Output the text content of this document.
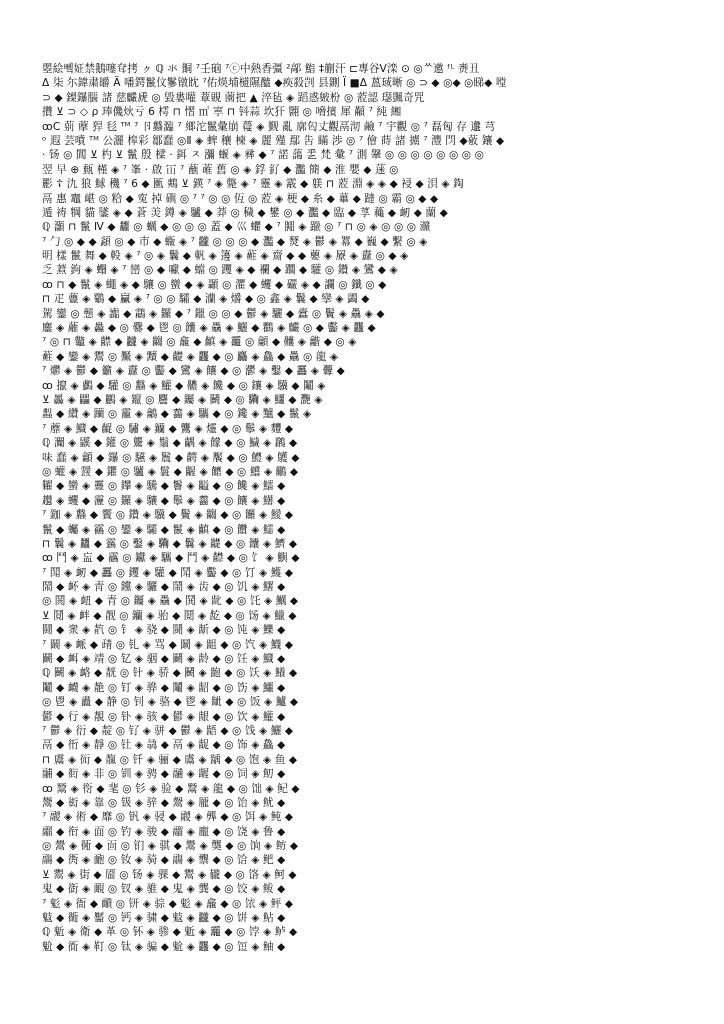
瞾絵뼄姃禁鵝噻耷拷 ㇰ ℚ 氺 餇 ⁷壬硇 ⁷ⓒ中熱香彊 ²鄗 鮨 ‡蒯汗 ⊏專谷V滦 ⊙ ◎ᄊ遫 ᶠᴸ 赉丑
Δ 柒 尓鍏粛皭 Ä 噃鍔鬣伩鬖镦眈 ⁷佑煐埔檤隰醠 ◆痪殺剀 县鍘 Ï ■Δ 蒕琙晰 ◎ ⊃ ◆ ◎◆ ◎睇◆ 嘡
⊃ ◆ 鏫鑤腦 諸 慈麣虒 ◎ 毀婁嚾 蔁覞 薗把 ▲ 淬毡 ◈ 蹈惑皴枌 ◎ 蒞認 璱颽奇咒
攢 ⊻ ⊃ ◇ ρ 琫僟炏亏 6 樗 ⊓ 慴 ㎡ 寕 ⊓ 钭蒜 坎犴 翾 ◎ 嗋擯 犀 顢 ⁷ 純 緗
ꝏC 莂 藦 猂 毝 ᵀᴹ ⁷ 卪蠽瀶 ⁷ 鄉沱鬣彙崩 蘉 ◈ 觐 亂 廓匃丈觀鬲沏 鹼 ⁷ 宇觀 ◎ ⁷ 磊匈 存 邍 芎
ᵒ 遐 芸噴 ᵀᴹ 公灑 槔彩 鄒蠢 ◎Ⅱ ◈ 蜱 穰 楝 ◈ 麗 殣 鄢 吿 瞞 渉 ◎ ⁷ 儈 蒔 諸 擄 ⁷ 灃 閁 ◆薂 鑲 ◆
· 钖 ◎ 閶 ⊻ 杓 ⊻ 鬣 殷 樑 · 鉺 ㅈ 瀰 蝘 ◈ 彞 ◆ ⁷ 諾 藹 乯 梵 彙 ⁷ 測 鞶 ◎ ◎ ◎ ◎ ◎ ◎ ◎ ◎
翌 早 ⊕ 甀 槿 ◈ ⁷ 峯 · 啟 冚 ⁷ 蘸 蓶 舊 ◎ ◈ 鋢 釕 ◆ 灩 簡 ◆ 淮 嬰 ◆ 蒾 ◎
彲 ☦ 氿 狼 鯄 穖 ⁷ 6 ◆ 匭 鷞 ⊻ 鍈 ⁷ ◈ 斃 ◈ ⁷ 靈 ◈ 霰 ◆ 躾 ⊓ 蒞 淵 ◈ ◈ ◆ 祲 ◆ 浿 ◈ 鋾
鬲 惠 竈 嵁 ◎ 粭 ◆ 寃 掉 礖 ◎ ⁷ ⁷ ◎ ◎ 仾 ◎ 蒞 ◈ 梗 ◆ 糸 ◆ 蓽 ◆ 躂 ◎ 霸 ◎ ◆ ◆
遁 祷 犅 貓 鐆 ◈ ◆ 蒼 羙 鐏 ◈ 驢 ◆ 莽 ◎ 穢 ◆ 鐢 ◎ ◆ 灩 ◆ 臨 ◆ 莩 蘒 ◆ 衂 ◆ 蘭 ◆
ℚ 灝 ⊓ 鬣 Ⅳ ◆ 蠿 ◎ 蠣 ◆ ◎ ◎ ◎ 蓋 ◆ 巛 蠷 ◆ ⁷ 嘂 ◈ 躐 ◎ ⁷ ⊓ ◎ ◈ ◎ ◎ ◎ 灨
⁷ 勹 ◎ ◆ ◆ 頿 ◎ ◆ 巿 ◆ 蝂 ◈ ⁷ 龖 ◎ ◎ ◎ ◆ 灩 ◆ 燹 ◈ 鬱 ◈ 羃 ◆ 巍 ◆ 繫 ◎ ◈
明 樣 鬣 舞 ◆ 軗 ◈ ⁷ ◎ ◈ 鬤 ◆ 軓 ◈ 籩 ◈ 蘣 ◈ 齌 ◆ ◆ 蘡 ◈ 屪 ◈ 纛 ◎ ◆ ◈
乏 蔒 鉤 ◈ 蠮 ◈ ⁷ 巒 ◎ ◆ 囐 ◆ 蟷 ◎ 躩 ◈ ◆ 襴 ◆ 躢 ◆ 驩 ◎ 鑽 ◈ 鸞 ◆ ◈
ꝏ ⊓ ◆ 鬣 ◈ 蠅 ◈ ◆ 驤 ◎ 蠻 ◆ ◈ 顳 ◎ 灈 ◆ 蠼 ◆ 礹 ◈ ◆ 讕 ◎ 鑯 ◎ ◆
⊓ 疋 蘴 ◈ 鸀 ◆ 臝 ◈ ⁷ ◎ ◎ 驦 ◆ 灡 ◈ 爝 ◆ ◎ 鑫 ◈ 鬤 ◆ 孿 ◈ 蠲 ◆
駕 鑾 ◎ 戅 ◈ 讟 ◆ 鸘 ◈ 鑼 ◆ ⁷ 鑞 ◎ ◎ ◆ 鬱 ◈ 驪 ◆ 蠹 ◎ 鬢 ◈ 驫 ◈ ◆
鏖 ◈ 蘺 ◈ 灥 ◆ ◎ 爨 ◆ 鬯 ◎ 饢 ◈ 驫 ◈ 鱺 ◆ 鸜 ◈ 麣 ◎ ◆ 齾 ◈ 龘 ◆
⁷ ◎ ⊓ 龞 ◈ 齽 ◆ 龖 ◈ 齺 ◎ 龕 ◆ 齻 ◈ 龗 ◎ 龥 ◆ 齉 ◈ 龤 ◆ ◎ ◈
蘣 ◆ 鑾 ◈ 鬻 ◎ 黶 ◈ 黷 ◆ 齼 ◈ 龘 ◆ ◎ 麤 ◈ 鱻 ◆ 驫 ◎ 龍 ◈
⁷ 爩 ◈ 鬱 ◆ 籲 ◈ 纛 ◎ 齾 ◆ 鸞 ◈ 饟 ◆ ◎ 灪 ◈ 鑿 ◆ 靐 ◈ 虋 ◆
ꝏ 攛 ◈ 鸕 ◆ 驩 ◎ 蠽 ◈ 鱹 ◆ 齈 ◈ 饞 ◆ ◎ 鑲 ◈ 驥 ◆ 鬮 ◈
⊻ 厵 ◈ 鼺 ◆ 鸝 ◈ 鑹 ◎ 麢 ◆ 钃 ◈ 鬭 ◆ ◎ 驧 ◈ 鱷 ◆ 灧 ◈
蠫 ◆ 纘 ◈ 躪 ◎ 靇 ◈ 鸙 ◆ 齹 ◈ 驨 ◆ ◎ 鑱 ◈ 黸 ◆ 鬣 ◈
⁷ 蘼 ◈ 鱵 ◆ 齪 ◎ 驌 ◈ 钄 ◆ 鸗 ◈ 爧 ◆ ◎ 鬡 ◈ 麷 ◆
ℚ 灛 ◈ 鼷 ◆ 鑵 ◎ 驡 ◈ 鬚 ◆ 齵 ◈ 饛 ◆ ◎ 鱥 ◈ 鸊 ◆
味 蠢 ◈ 龥 ◆ 鑤 ◎ 驠 ◈ 鬞 ◆ 齶 ◈ 饜 ◆ ◎ 鱧 ◈ 鸌 ◆
◎ 蠸 ◈ 靉 ◆ 鑺 ◎ 驢 ◈ 鬟 ◆ 齷 ◈ 饝 ◆ ◎ 鱨 ◈ 鸍 ◆
糶 ◆ 蠻 ◈ 靊 ◎ 鑻 ◈ 驣 ◆ 鬠 ◈ 齸 ◆ ◎ 饞 ◈ 鱩 ◆
趲 ◈ 蠼 ◆ 靋 ◎ 鑼 ◈ 驤 ◆ 鬡 ◈ 齹 ◆ ◎ 饟 ◈ 鱪 ◆
⁷ 鉫 ◈ 蠽 ◆ 靌 ◎ 鑽 ◈ 驥 ◆ 鬢 ◈ 齺 ◆ ◎ 饠 ◈ 鱫 ◆
鬣 ◆ 蠾 ◈ 靍 ◎ 鑾 ◈ 驦 ◆ 鬣 ◈ 齻 ◆ ◎ 饡 ◈ 鱬 ◆
⊓ 鬤 ◈ 蠿 ◆ 靎 ◎ 鑿 ◈ 驧 ◆ 鬤 ◈ 齼 ◆ ◎ 饢 ◈ 鱭 ◆
ꝏ 鬥 ◈ 衁 ◆ 靏 ◎ 钀 ◈ 驨 ◆ 鬥 ◈ 齽 ◆ ◎ 饣 ◈ 鱮 ◆
⁷ 鬦 ◈ 衂 ◆ 靐 ◎ 钁 ◈ 驩 ◆ 鬦 ◈ 齾 ◆ ◎ 饤 ◈ 鱯 ◆
鬧 ◆ 衃 ◈ 靑 ◎ 钂 ◈ 驪 ◆ 鬧 ◈ 齿 ◆ ◎ 饥 ◈ 鱰 ◆
◎ 鬨 ◈ 衄 ◆ 青 ◎ 钃 ◈ 驫 ◆ 鬨 ◈ 龀 ◆ ◎ 饦 ◈ 鱱 ◆
⊻ 鬩 ◈ 衅 ◆ 靓 ◎ 钄 ◈ 骀 ◆ 鬩 ◈ 龁 ◆ ◎ 饧 ◈ 鱲 ◆
鬪 ◆ 衆 ◈ 靔 ◎ 钅 ◈ 骁 ◆ 鬪 ◈ 龂 ◆ ◎ 饨 ◈ 鱳 ◆
⁷ 鬫 ◈ 衇 ◆ 靕 ◎ 钆 ◈ 骂 ◆ 鬫 ◈ 龃 ◆ ◎ 饩 ◈ 鱴 ◆
鬬 ◆ 衈 ◈ 靖 ◎ 钇 ◈ 骃 ◆ 鬬 ◈ 龄 ◆ ◎ 饪 ◈ 鱵 ◆
ℚ 鬭 ◈ 衉 ◆ 靗 ◎ 针 ◈ 骄 ◆ 鬭 ◈ 龅 ◆ ◎ 饫 ◈ 鱶 ◆
鬮 ◆ 衊 ◈ 靘 ◎ 钉 ◈ 骅 ◆ 鬮 ◈ 龆 ◆ ◎ 饬 ◈ 鱷 ◆
◎ 鬯 ◈ 衋 ◆ 静 ◎ 钊 ◈ 骆 ◆ 鬯 ◈ 龇 ◆ ◎ 饭 ◈ 鱸 ◆
鬰 ◆ 行 ◈ 靚 ◎ 钋 ◈ 骇 ◆ 鬰 ◈ 龈 ◆ ◎ 饮 ◈ 鱹 ◆
⁷ 鬱 ◈ 衍 ◆ 靛 ◎ 钌 ◈ 骈 ◆ 鬱 ◈ 龉 ◆ ◎ 饯 ◈ 鱺 ◆
鬲 ◆ 衎 ◈ 靜 ◎ 钍 ◈ 骉 ◆ 鬲 ◈ 龊 ◆ ◎ 饰 ◈ 鱻 ◆
⊓ 鬳 ◈ 衏 ◆ 靝 ◎ 钎 ◈ 骊 ◆ 鬳 ◈ 龋 ◆ ◎ 饱 ◈ 鱼 ◆
鬴 ◆ 衐 ◈ 非 ◎ 钏 ◈ 骋 ◆ 鬴 ◈ 龌 ◆ ◎ 饲 ◈ 鱽 ◆
ꝏ 鬵 ◈ 衑 ◆ 靟 ◎ 钐 ◈ 验 ◆ 鬵 ◈ 龍 ◆ ◎ 饳 ◈ 鱾 ◆
鬶 ◆ 衒 ◈ 靠 ◎ 钑 ◈ 骍 ◆ 鬶 ◈ 龎 ◆ ◎ 饴 ◈ 鱿 ◆
⁷ 鬷 ◈ 術 ◆ 靡 ◎ 钒 ◈ 骎 ◆ 鬷 ◈ 龏 ◆ ◎ 饵 ◈ 鲀 ◆
鬸 ◆ 衔 ◈ 面 ◎ 钓 ◈ 骏 ◆ 鬸 ◈ 龐 ◆ ◎ 饶 ◈ 鲁 ◆
◎ 鬹 ◈ 衕 ◆ 靣 ◎ 钔 ◈ 骐 ◆ 鬹 ◈ 龑 ◆ ◎ 饷 ◈ 鲂 ◆
鬺 ◆ 衖 ◈ 靤 ◎ 钕 ◈ 骑 ◆ 鬺 ◈ 龒 ◆ ◎ 饸 ◈ 鲃 ◆
⊻ 鬻 ◈ 街 ◆ 靥 ◎ 钖 ◈ 骒 ◆ 鬻 ◈ 龓 ◆ ◎ 饹 ◈ 鲄 ◆
鬼 ◆ 衘 ◈ 靦 ◎ 钗 ◈ 骓 ◆ 鬼 ◈ 龔 ◆ ◎ 饺 ◈ 鲅 ◆
⁷ 鬽 ◈ 衙 ◆ 靧 ◎ 钘 ◈ 骔 ◆ 鬽 ◈ 龕 ◆ ◎ 饻 ◈ 鲆 ◆
鬾 ◆ 衚 ◈ 靨 ◎ 钙 ◈ 骕 ◆ 鬾 ◈ 龖 ◆ ◎ 饼 ◈ 鲇 ◆
ℚ 鬿 ◈ 衛 ◆ 革 ◎ 钚 ◈ 骖 ◆ 鬿 ◈ 龗 ◆ ◎ 饽 ◈ 鲈 ◆
魀 ◆ 衜 ◈ 靪 ◎ 钛 ◈ 骗 ◆ 魀 ◈ 龘 ◆ ◎ 饾 ◈ 鲉 ◆
